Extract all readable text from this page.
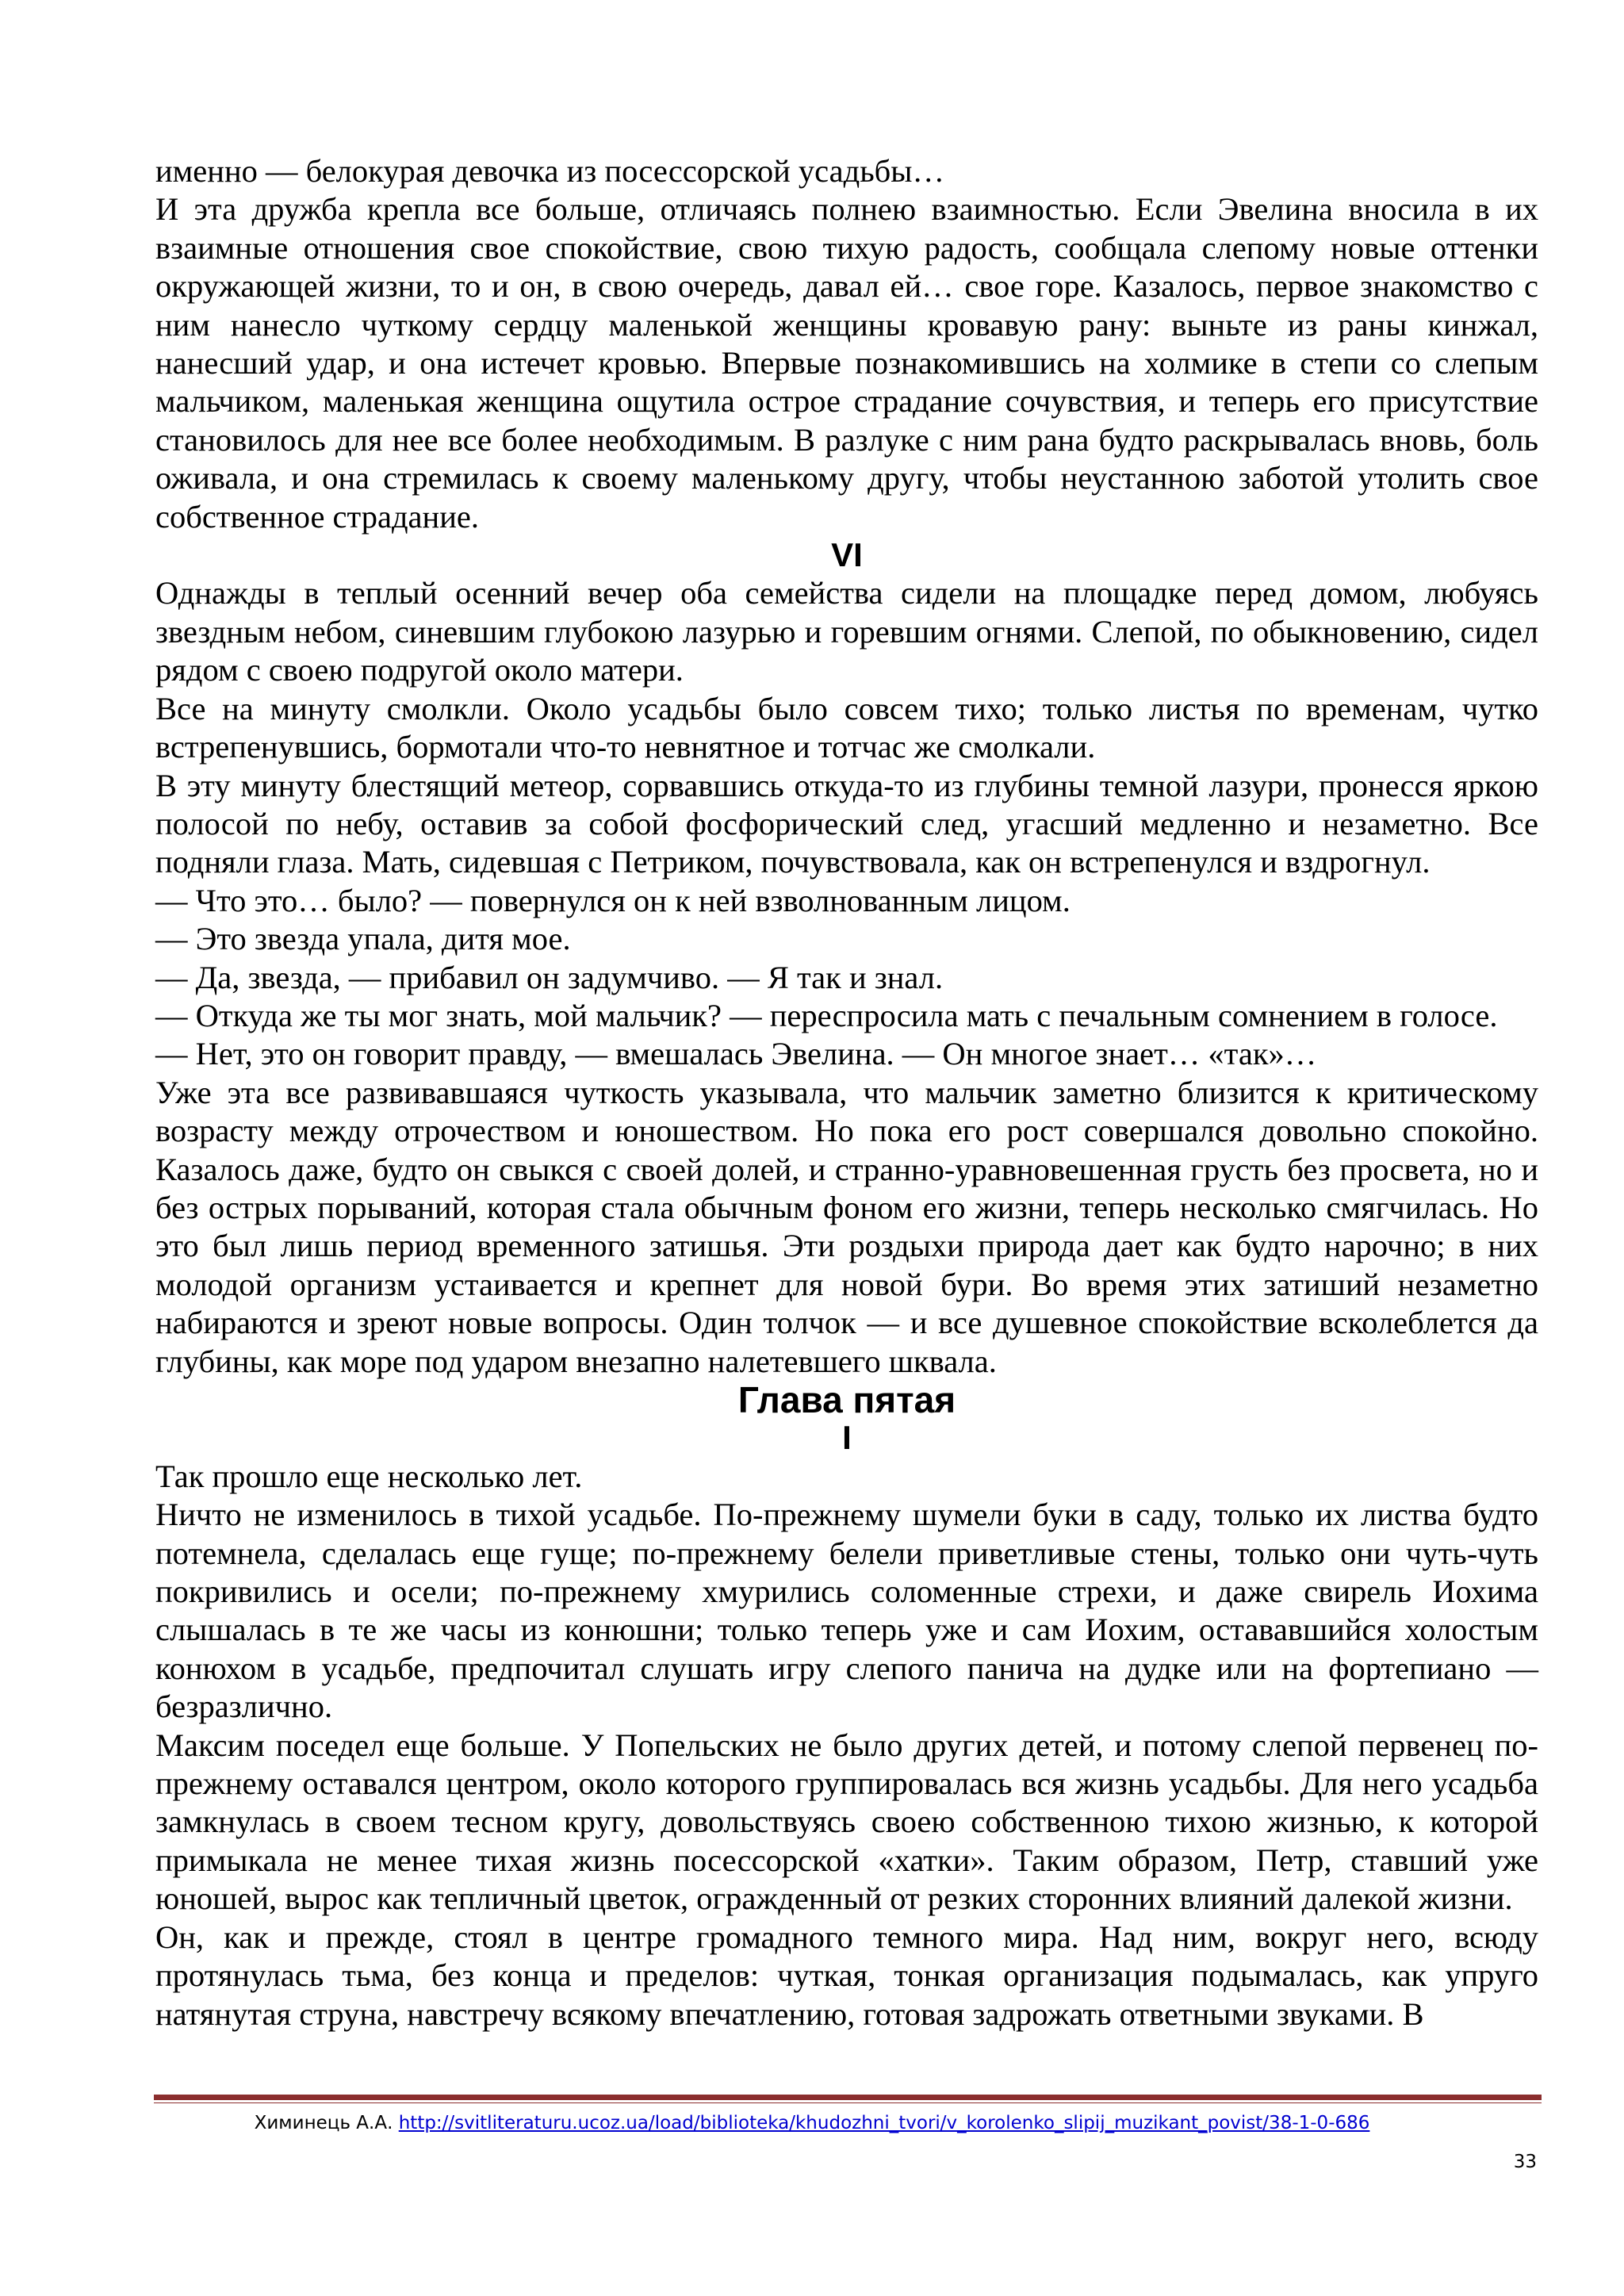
именно — белокурая девочка из посессорской усадьбы…

И эта дружба крепла все больше, отличаясь полнею взаимностью. Если Эвелина вносила в их взаимные отношения свое спокойствие, свою тихую радость, сообщала слепому новые оттенки окружающей жизни, то и он, в свою очередь, давал ей… свое горе. Казалось, первое знакомство с ним нанесло чуткому сердцу маленькой женщины кровавую рану: выньте из раны кинжал, нанесший удар, и она истечет кровью. Впервые познакомившись на холмике в степи со слепым мальчиком, маленькая женщина ощутила острое страдание сочувствия, и теперь его присутствие становилось для нее все более необходимым. В разлуке с ним рана будто раскрывалась вновь, боль оживала, и она стремилась к своему маленькому другу, чтобы неустанною заботой утолить свое собственное страдание.

VI

Однажды в теплый осенний вечер оба семейства сидели на площадке перед домом, любуясь звездным небом, синевшим глубокою лазурью и горевшим огнями. Слепой, по обыкновению, сидел рядом с своею подругой около матери.

Все на минуту смолкли. Около усадьбы было совсем тихо; только листья по временам, чутко встрепенувшись, бормотали что-то невнятное и тотчас же смолкали.

В эту минуту блестящий метеор, сорвавшись откуда-то из глубины темной лазури, пронесся яркою полосой по небу, оставив за собой фосфорический след, угасший медленно и незаметно. Все подняли глаза. Мать, сидевшая с Петриком, почувствовала, как он встрепенулся и вздрогнул.

— Что это… было? — повернулся он к ней взволнованным лицом.

— Это звезда упала, дитя мое.

— Да, звезда, — прибавил он задумчиво. — Я так и знал.

— Откуда же ты мог знать, мой мальчик? — переспросила мать с печальным сомнением в голосе.

— Нет, это он говорит правду, — вмешалась Эвелина. — Он многое знает… «так»…

Уже эта все развивавшаяся чуткость указывала, что мальчик заметно близится к критическому возрасту между отрочеством и юношеством. Но пока его рост совершался довольно спокойно. Казалось даже, будто он свыкся с своей долей, и странно-уравновешенная грусть без просвета, но и без острых порываний, которая стала обычным фоном его жизни, теперь несколько смягчилась. Но это был лишь период временного затишья. Эти роздыхи природа дает как будто нарочно; в них молодой организм устаивается и крепнет для новой бури. Во время этих затиший незаметно набираются и зреют новые вопросы. Один толчок — и все душевное спокойствие всколеблется да глубины, как море под ударом внезапно налетевшего шквала.

Глава пятая
I

Так прошло еще несколько лет.

Ничто не изменилось в тихой усадьбе. По-прежнему шумели буки в саду, только их листва будто потемнела, сделалась еще гуще; по-прежнему белели приветливые стены, только они чуть-чуть покривились и осели; по-прежнему хмурились соломенные стрехи, и даже свирель Иохима слышалась в те же часы из конюшни; только теперь уже и сам Иохим, остававшийся холостым конюхом в усадьбе, предпочитал слушать игру слепого панича на дудке или на фортепиано — безразлично.

Максим поседел еще больше. У Попельских не было других детей, и потому слепой первенец по-прежнему оставался центром, около которого группировалась вся жизнь усадьбы. Для него усадьба замкнулась в своем тесном кругу, довольствуясь своею собственною тихою жизнью, к которой примыкала не менее тихая жизнь посессорской «хатки». Таким образом, Петр, ставший уже юношей, вырос как тепличный цветок, огражденный от резких сторонних влияний далекой жизни.

Он, как и прежде, стоял в центре громадного темного мира. Над ним, вокруг него, всюду протянулась тьма, без конца и пределов: чуткая, тонкая организация подымалась, как упруго натянутая струна, навстречу всякому впечатлению, готовая задрожать ответными звуками. В

Химинець А.А. http://svitliteraturu.ucoz.ua/load/biblioteka/khudozhni_tvori/v_korolenko_slipij_muzikant_povist/38-1-0-686
33
